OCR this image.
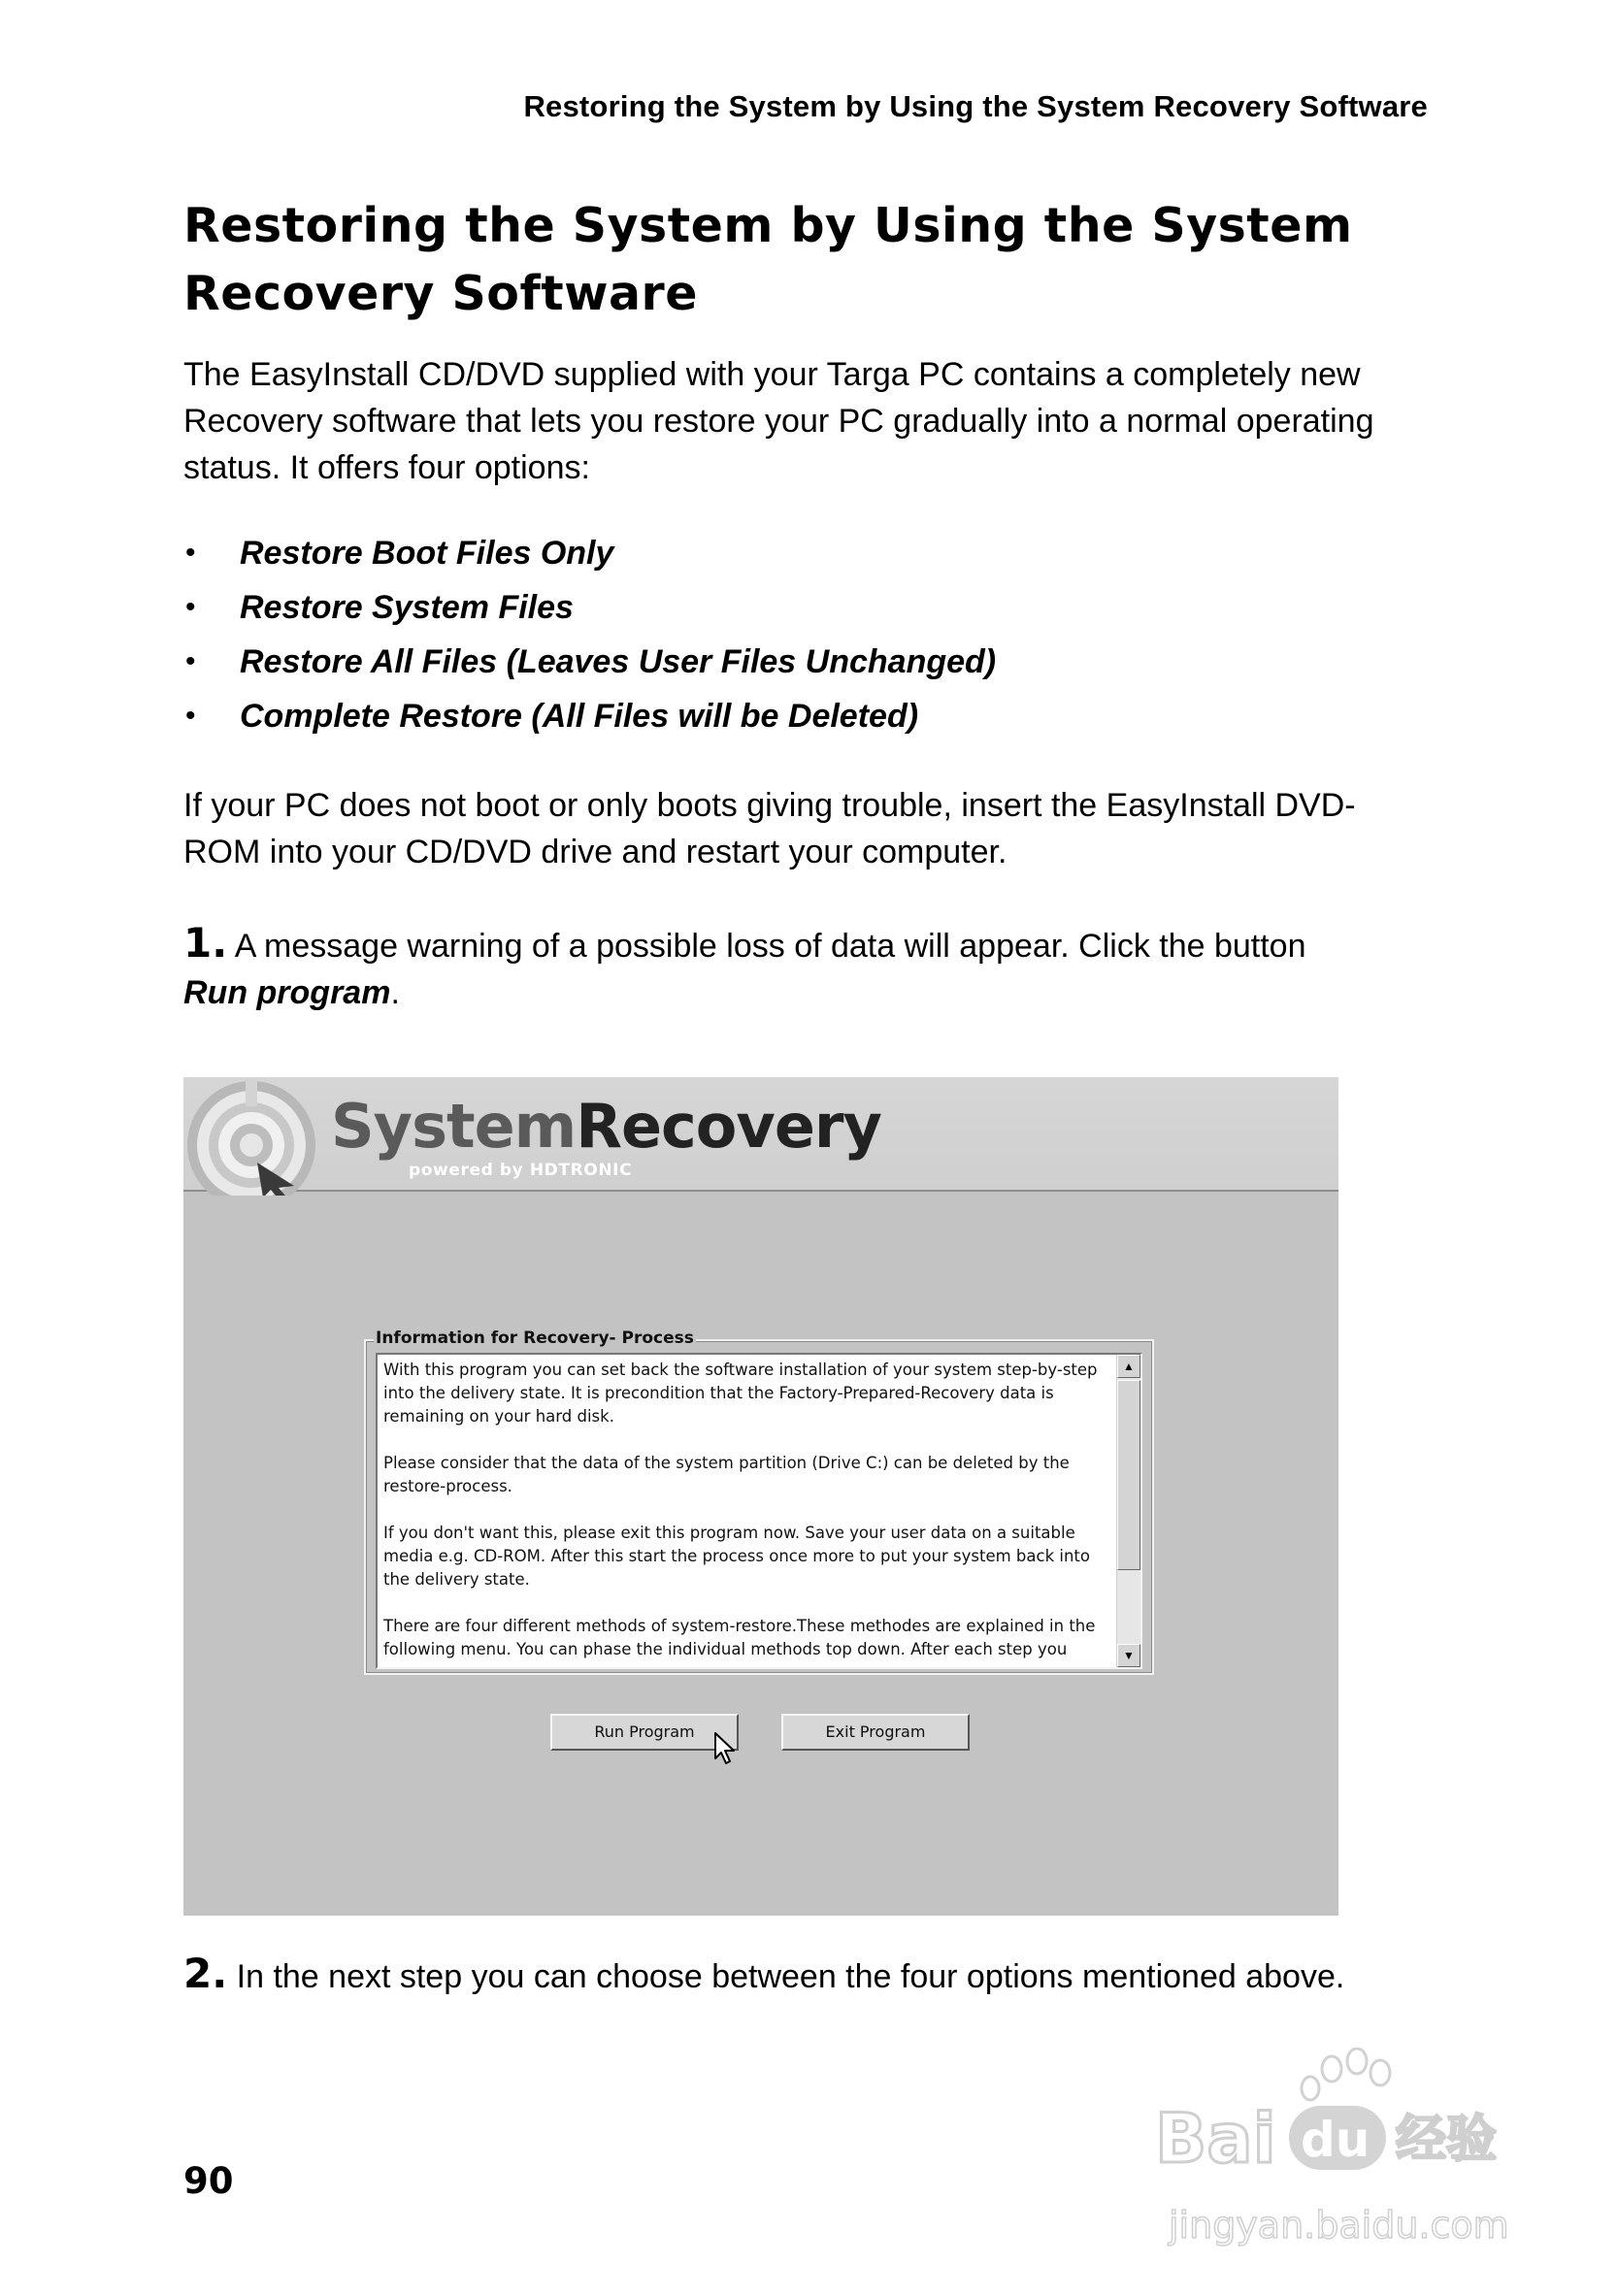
Restoring the System by Using the System Recovery Software
Restoring the System by Using the System
Recovery Software

The EasyInstall CD/DVD supplied with your Targa PC contains a completely new
Recovery software that lets you restore your PC gradually into a normal operating
status. It offers four options:

• Restore Boot Files Only
• Restore System Files
• Restore All Files (Leaves User Files Unchanged)
• Complete Restore (All Files will be Deleted)

If your PC does not boot or only boots giving trouble, insert the EasyInstall DVD-
ROM into your CD/DVD drive and restart your computer.

1. A message warning of a possible loss of data will appear. Click the button
Run program.

SystemRecovery
powered by HDTRONIC
Information for Recovery- Process

With this program you can set back the software installation of your system step-by-step into the delivery state. It is precondition that the Factory-Prepared-Recovery data is remaining on your hard disk.

Please consider that the data of the system partition (Drive C:) can be deleted by the restore-process.

If you don't want this, please exit this program now. Save your user data on a suitable media e.g. CD-ROM. After this start the process once more to put your system back into the delivery state.

There are four different methods of system-restore.These methodes are explained in the following menu. You can phase the individual methods top down. After each step you

▲
▼
Run Program	Exit Program

2. In the next step you can choose between the four options mentioned above.

90
Bai du 经验
jingyan.baidu.com
